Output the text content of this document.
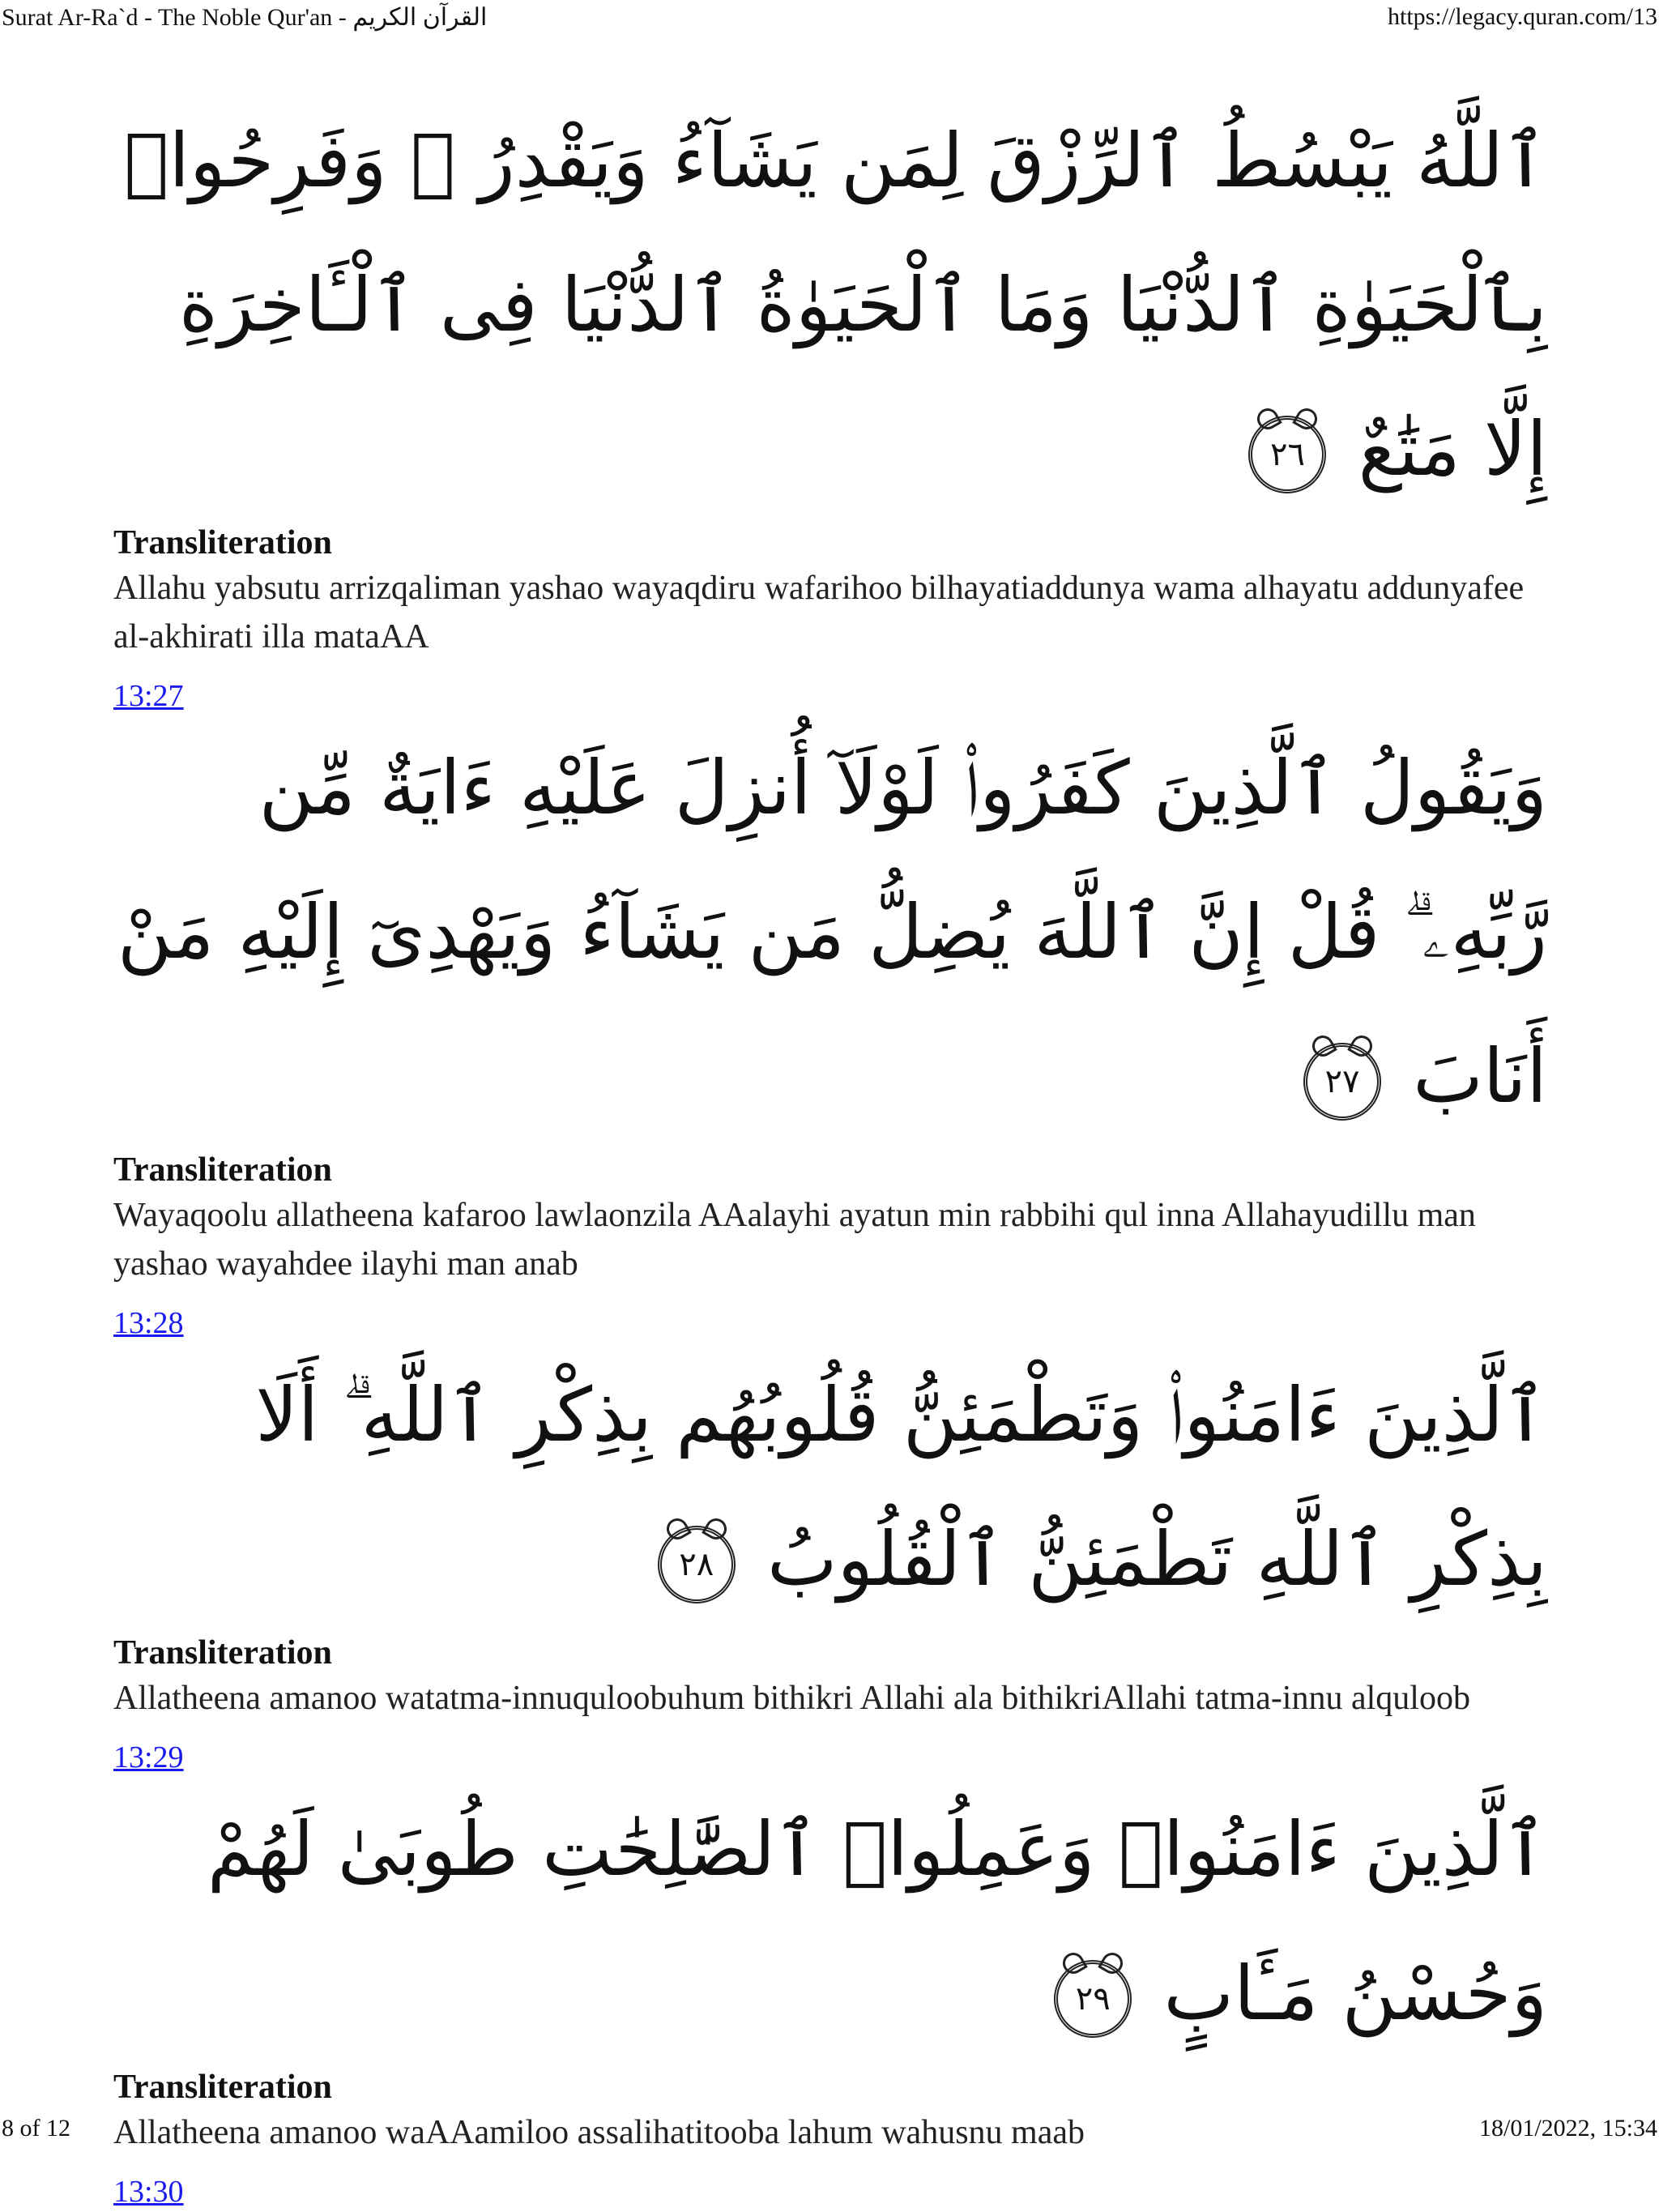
Surat Ar-Ra`d - The Noble Qur'an - القرآن الكريم	https://legacy.quran.com/13
ٱللَّهُ يَبْسُطُ ٱلرِّزْقَ لِمَن يَشَآءُ وَيَقْدِرُ ۚ وَفَرِحُوا۟ بِٱلْحَيَوٰةِ ٱلدُّنْيَا وَمَا ٱلْحَيَوٰةُ ٱلدُّنْيَا فِى ٱلْـَٔاخِرَةِ إِلَّا مَتَٰعٌ ٢٦

Transliteration

Allahu yabsutu arrizqaliman yashao wayaqdiru wafarihoo bilhayatiaddunya wama alhayatu addunyafee al-akhirati illa mataAA

13:27
وَيَقُولُ ٱلَّذِينَ كَفَرُوا۟ لَوْلَآ أُنزِلَ عَلَيْهِ ءَايَةٌ مِّن رَّبِّهِۦ ۗ قُلْ إِنَّ ٱللَّهَ يُضِلُّ مَن يَشَآءُ وَيَهْدِىٓ إِلَيْهِ مَنْ أَنَابَ ٢٧

Transliteration

Wayaqoolu allatheena kafaroo lawlaonzila AAalayhi ayatun min rabbihi qul inna Allahayudillu man yashao wayahdee ilayhi man anab

13:28
ٱلَّذِينَ ءَامَنُوا۟ وَتَطْمَئِنُّ قُلُوبُهُم بِذِكْرِ ٱللَّهِ ۗ أَلَا بِذِكْرِ ٱللَّهِ تَطْمَئِنُّ ٱلْقُلُوبُ ٢٨

Transliteration

Allatheena amanoo watatma-innuquloobuhum bithikri Allahi ala bithikriAllahi tatma-innu alquloob

13:29
ٱلَّذِينَ ءَامَنُوا۟ وَعَمِلُوا۟ ٱلصَّٰلِحَٰتِ طُوبَىٰ لَهُمْ وَحُسْنُ مَـَٔابٍ ٢٩

Transliteration

Allatheena amanoo waAAamiloo assalihatitooba lahum wahusnu maab

13:30
8 of 12	18/01/2022, 15:34
